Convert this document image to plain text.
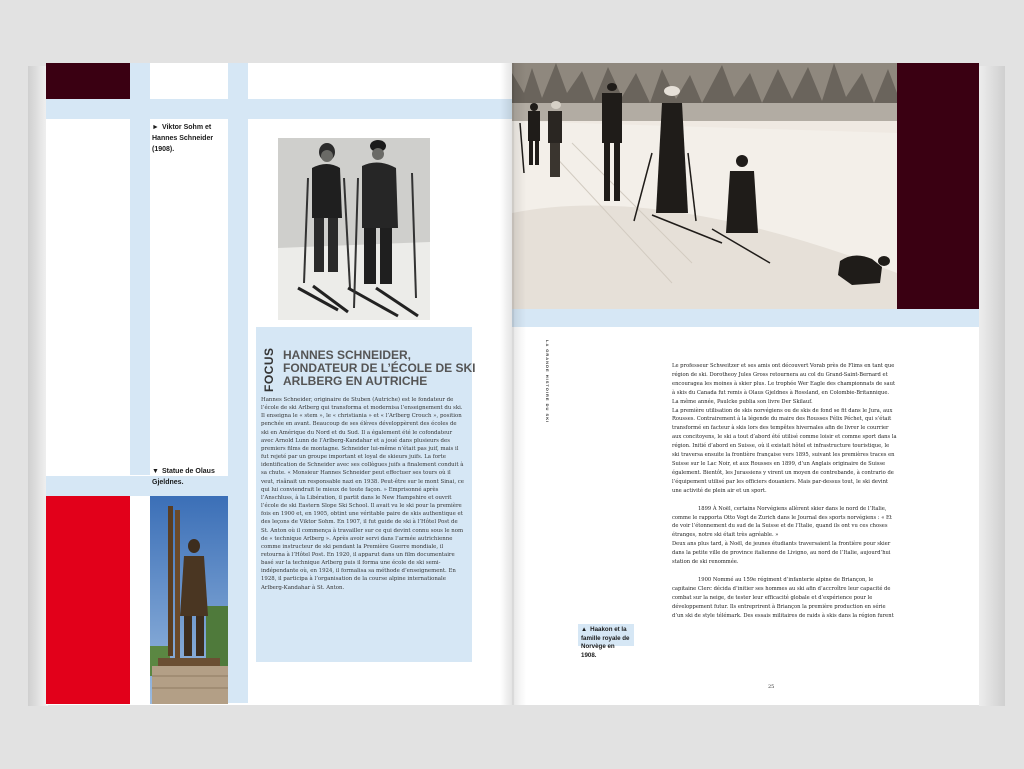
► Viktor Sohm et Hannes Schneider (1908).
▼ Statue de Olaus Gjeldnes.
FOCUS HANNES SCHNEIDER,
FONDATEUR DE L’ÉCOLE DE SKI
ARLBERG EN AUTRICHE
Hannes Schneider, originaire de Stuben (Autriche) est le fondateur de l’école de ski Arlberg qui transforma et modernisa l’enseignement du ski. Il enseigna le « stem », le « christiania » et « l’Arlberg Crouch », position penchée en avant. Beaucoup de ses élèves développèrent des écoles de ski en Amérique du Nord et du Sud. Il a également été le cofondateur avec Arnold Lunn de l’Arlberg-Kandahar et a joué dans plusieurs des premiers films de montagne. Schneider lui-même n’était pas juif, mais il fut rejeté par un groupe important et loyal de skieurs juifs. La forte identification de Schneider avec ses collègues juifs a finalement conduit à sa chute. « Monsieur Hannes Schneider peut effectuer ses tours où il veut, risânait un responsable nazi en 1938. Peut-être sur le mont Sinai, ce qui lui conviendrait le mieux de toute façon. » Emprisonné après l’Anschluss, à la Libération, il partit dans le New Hampshire et ouvrit l’école de ski Eastern Slope Ski School. Il avait vu le ski pour la première fois en 1900 et, en 1905, obtint une véritable paire de skis authentique et des leçons de Viktor Sohm. En 1907, il fut guide de ski à l’Hôtel Post de St. Anton où il commença à travailler sur ce qui devint connu sous le nom de « technique Arlberg ». Après avoir servi dans l’armée autrichienne comme instructeur de ski pendant la Première Guerre mondiale, il retourna à l’Hôtel Post. En 1920, il apparut dans un film documentaire basé sur la technique Arlberg puis il forma une école de ski semi-indépendante où, en 1924, il formalisa sa méthode d’enseignement. En 1928, il participa à l’organisation de la course alpine internationale Arlberg-Kandahar à St. Anton.
LA GRANDE HISTOIRE DU SKI
▲ Haakon et la famille royale de Norvège en 1908.

Le professeur Schweitzer et ses amis ont découvert Vorab près de Flims en tant que région de ski. Dorotheoy Jules Gross retournera au col du Grand-Saint-Bernard et encouragea les moines à skier plus. Le trophée Wer Eagle des championnats de saut à skis du Canada fut remis à Olaus Gjeldnes à Rossland, en Colombie-Britannique.

La même année, Paulcke publia son livre Der Skilauf.

La première utilisation de skis norvégiens ou de skis de fond se fit dans le Jura, aux Rousses. Contrairement à la légende du maire des Rousses Félix Péchet, qui s’était transformé en facteur à skis lors des tempêtes hivernales afin de livrer le courrier aux concitoyens, le ski a tout d’abord été utilisé comme loisir et comme sport dans la région. Initié d’abord en Suisse, où il existait hôtel et infrastructure touristique, le ski traversa ensuite la frontière française vers 1895, suivant les premières traces en Suisse sur le Lac Noir, et aux Rousses en 1899, d’un Anglais originaire de Suisse également. Bientôt, les Jurassiens y virent un moyen de contrebande, à contrario de l’équipement utilisé par les officiers douaniers. Mais par-dessus tout, le ski devint une activité de plein air et un sport.

1899 À Noël, certains Norvégiens allèrent skier dans le nord de l’Italie, comme le rapporta Otto Vogt de Zurich dans le Journal des sports norvégiens : « Et de voir l’étonnement du sud de la Suisse et de l’Italie, quand ils ont vu ces choses étranges, notre ski était très agréable. »

Deux ans plus tard, à Noël, de jeunes étudiants traversaient la frontière pour skier dans la petite ville de province italienne de Livigno, au nord de l’Italie, aujourd’hui station de ski renommée.

1900 Nommé au 159e régiment d’infanterie alpine de Briançon, le capitaine Clerc décida d’initier ses hommes au ski afin d’accroître leur capacité de combat sur la neige, de tester leur efficacité globale et d’expérience pour le développement futur. Ils entreprirent à Briançon la première production en série d’un ski de style télémark. Des essais militaires de raids à skis dans la région furent

25
